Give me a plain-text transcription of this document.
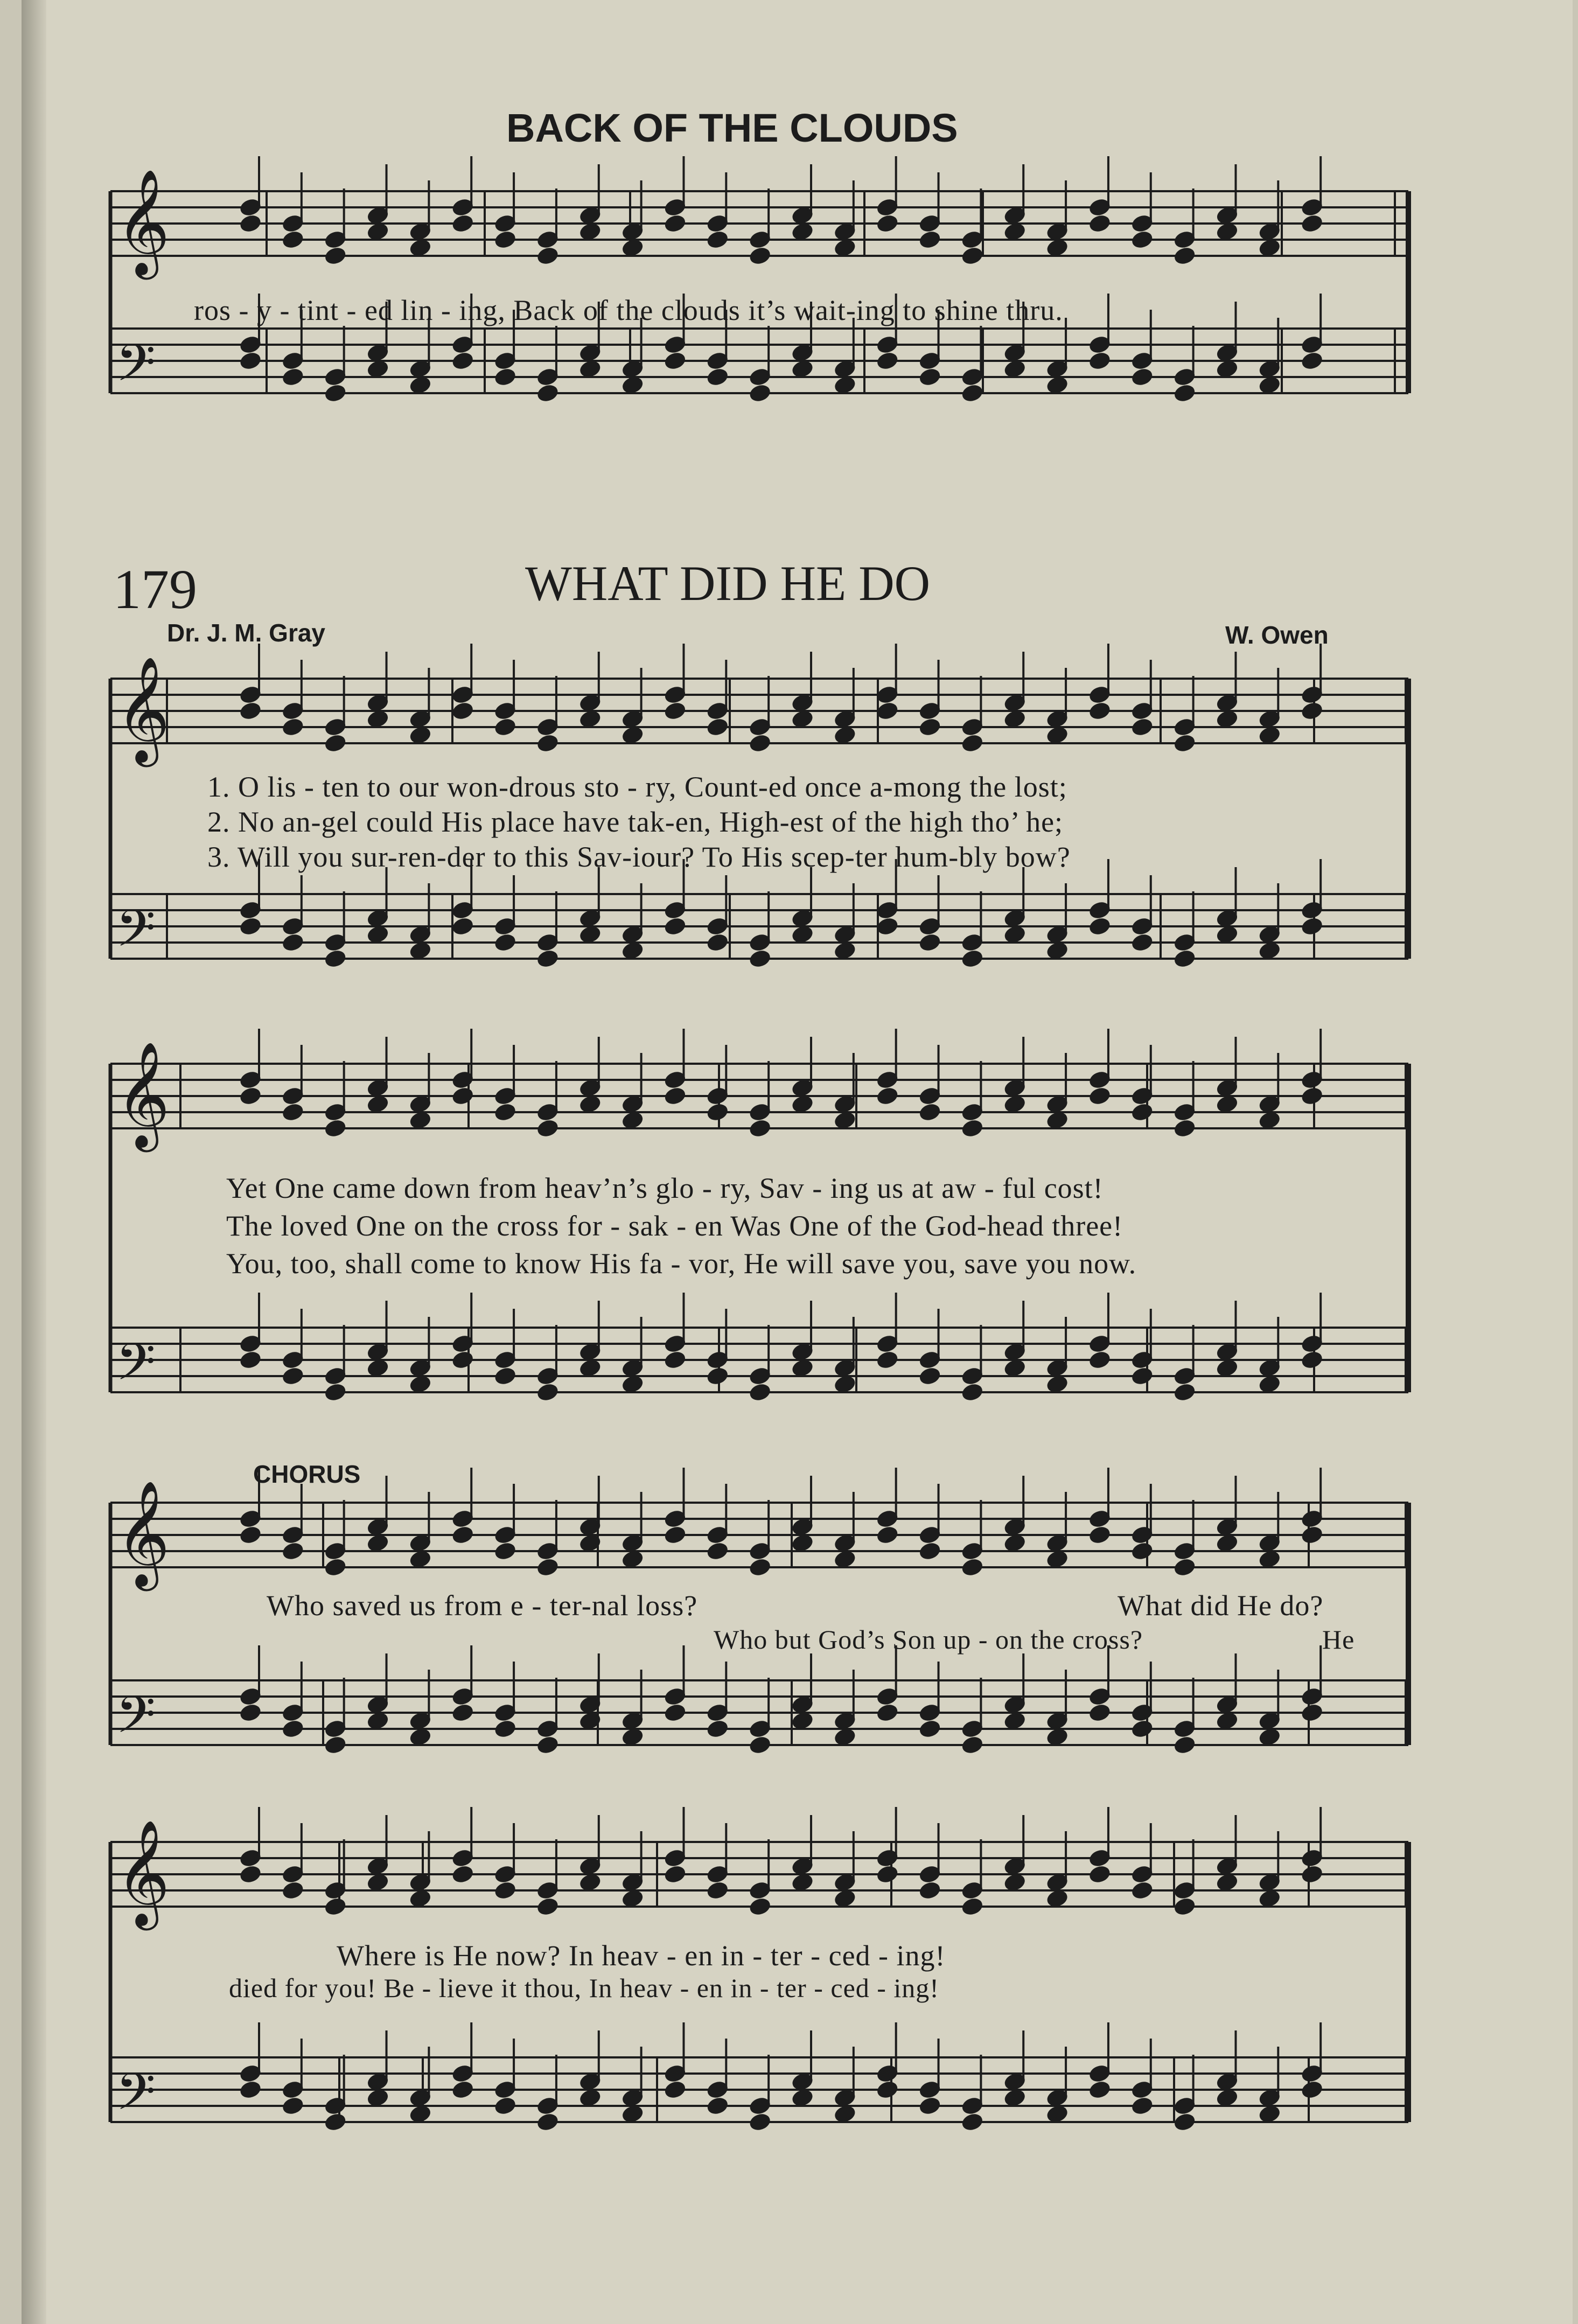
𝄞
𝄢
𝄞
𝄢
𝄞
𝄢
𝄞
𝄢
𝄞
𝄢
BACK OF THE CLOUDS
ros - y - tint - ed lin - ing, Back of the clouds it’s wait-ing to shine thru.
179	WHAT DID HE DO
Dr. J. M. Gray	W. Owen
1. O lis - ten to our won-drous sto - ry, Count-ed once a-mong the lost;
2. No an-gel could His place have tak-en, High-est of the high tho’ he;
3. Will you sur-ren-der to this Sav-iour? To His scep-ter hum-bly bow?
Yet One came down from heav’n’s glo - ry, Sav - ing us at aw - ful cost!
The loved One on the cross for - sak - en Was One of the God-head three!
You, too, shall come to know His fa - vor, He will save you, save you now.
CHORUS
Who saved us from e - ter-nal loss?	What did He do?
Who but God’s Son up - on the cross?	He
Where is He now? In heav - en in - ter - ced - ing!
died for you! Be - lieve it thou, In heav - en in - ter - ced - ing!
